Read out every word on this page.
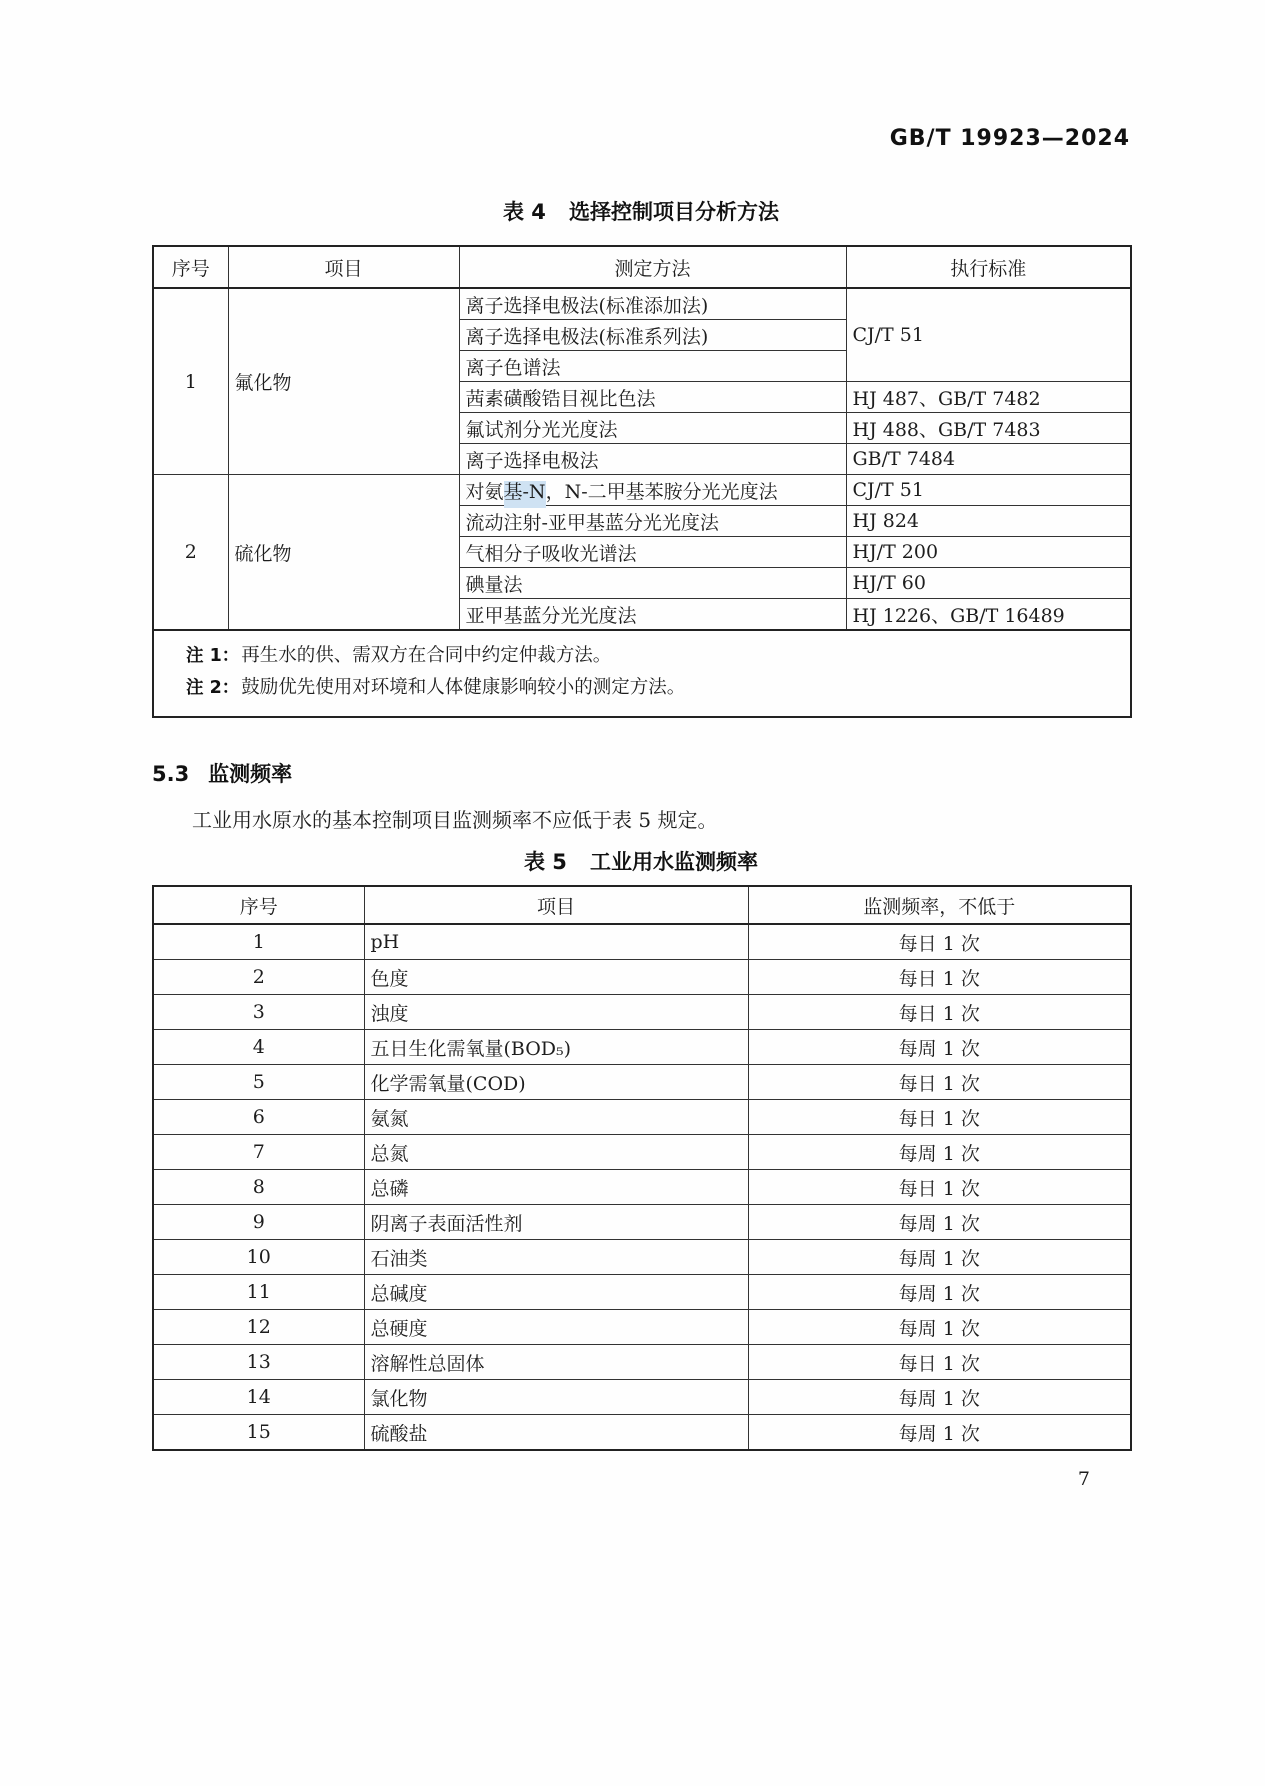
GB/T 19923—2024
表 4 选择控制项目分析方法
序号	项目	测定方法	执行标准
1	氟化物	离子选择电极法(标准添加法)	CJ/T 51
		离子选择电极法(标准系列法)	
		离子色谱法	
		茜素磺酸锆目视比色法	HJ 487、GB/T 7482
		氟试剂分光光度法	HJ 488、GB/T 7483
		离子选择电极法	GB/T 7484
2	硫化物	对氨基-N，N-二甲基苯胺分光光度法	CJ/T 51
		流动注射-亚甲基蓝分光光度法	HJ 824
		气相分子吸收光谱法	HJ/T 200
		碘量法	HJ/T 60
		亚甲基蓝分光光度法	HJ 1226、GB/T 16489

注 1： 再生水的供、需双方在合同中约定仲裁方法。
注 2： 鼓励优先使用对环境和人体健康影响较小的测定方法。			
5.3 监测频率
工业用水原水的基本控制项目监测频率不应低于表 5 规定。
表 5 工业用水监测频率
序号	项目	监测频率，不低于
1	pH	每日 1 次
2	色度	每日 1 次
3	浊度	每日 1 次
4	五日生化需氧量(BOD₅)	每周 1 次
5	化学需氧量(COD)	每日 1 次
6	氨氮	每日 1 次
7	总氮	每周 1 次
8	总磷	每日 1 次
9	阴离子表面活性剂	每周 1 次
10	石油类	每周 1 次
11	总碱度	每周 1 次
12	总硬度	每周 1 次
13	溶解性总固体	每日 1 次
14	氯化物	每周 1 次
15	硫酸盐	每周 1 次
7
